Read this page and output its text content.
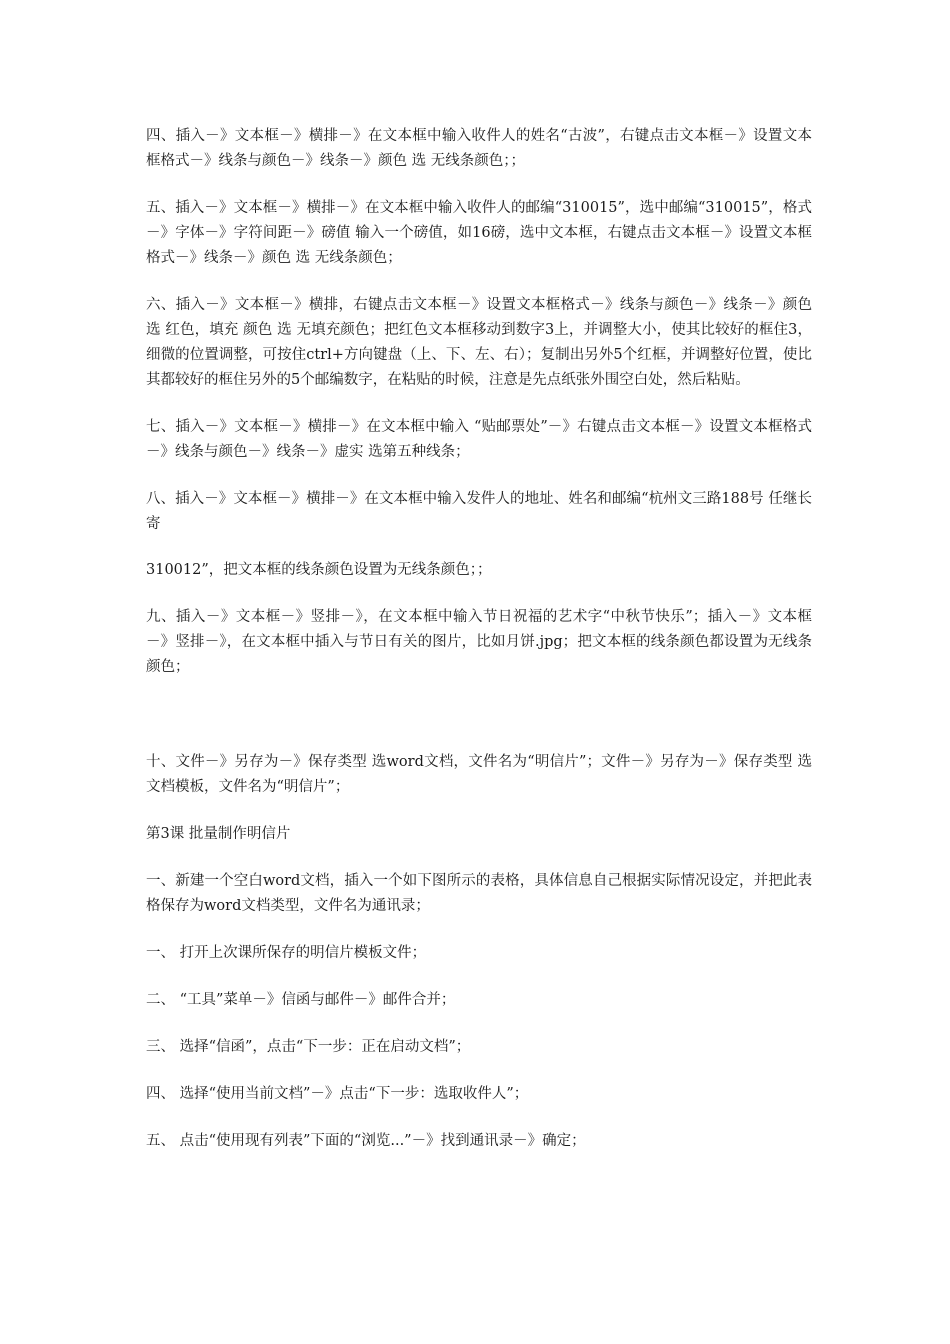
四、插入－》文本框－》横排－》在文本框中输入收件人的姓名“古波”，右键点击文本框－》设置文本框格式－》线条与颜色－》线条－》颜色 选 无线条颜色；；

五、插入－》文本框－》横排－》在文本框中输入收件人的邮编“310015”，选中邮编“310015”，格式－》字体－》字符间距－》磅值 输入一个磅值，如16磅，选中文本框，右键点击文本框－》设置文本框格式－》线条－》颜色 选 无线条颜色；

六、插入－》文本框－》横排，右键点击文本框－》设置文本框格式－》线条与颜色－》线条－》颜色 选 红色，填充 颜色 选 无填充颜色；把红色文本框移动到数字3上，并调整大小，使其比较好的框住3，细微的位置调整，可按住ctrl+方向键盘（上、下、左、右）；复制出另外5个红框，并调整好位置，使比其都较好的框住另外的5个邮编数字，在粘贴的时候，注意是先点纸张外围空白处，然后粘贴。

七、插入－》文本框－》横排－》在文本框中输入 “贴邮票处”－》右键点击文本框－》设置文本框格式－》线条与颜色－》线条－》虚实 选第五种线条；

八、插入－》文本框－》横排－》在文本框中输入发件人的地址、姓名和邮编“杭州文三路188号 任继长 寄

310012”，把文本框的线条颜色设置为无线条颜色；；

九、插入－》文本框－》竖排－》，在文本框中输入节日祝福的艺术字“中秋节快乐”；插入－》文本框－》竖排－》，在文本框中插入与节日有关的图片，比如月饼.jpg；把文本框的线条颜色都设置为无线条颜色；

十、文件－》另存为－》保存类型 选word文档，文件名为“明信片”；文件－》另存为－》保存类型 选 文档模板，文件名为“明信片”；

第3课 批量制作明信片

一、新建一个空白word文档，插入一个如下图所示的表格，具体信息自己根据实际情况设定，并把此表格保存为word文档类型，文件名为通讯录；

一、 打开上次课所保存的明信片模板文件；

二、 “工具”菜单－》信函与邮件－》邮件合并；

三、 选择“信函”，点击“下一步：正在启动文档”；

四、 选择“使用当前文档”－》点击“下一步：选取收件人”；

五、 点击“使用现有列表”下面的“浏览...”－》找到通讯录－》确定；
